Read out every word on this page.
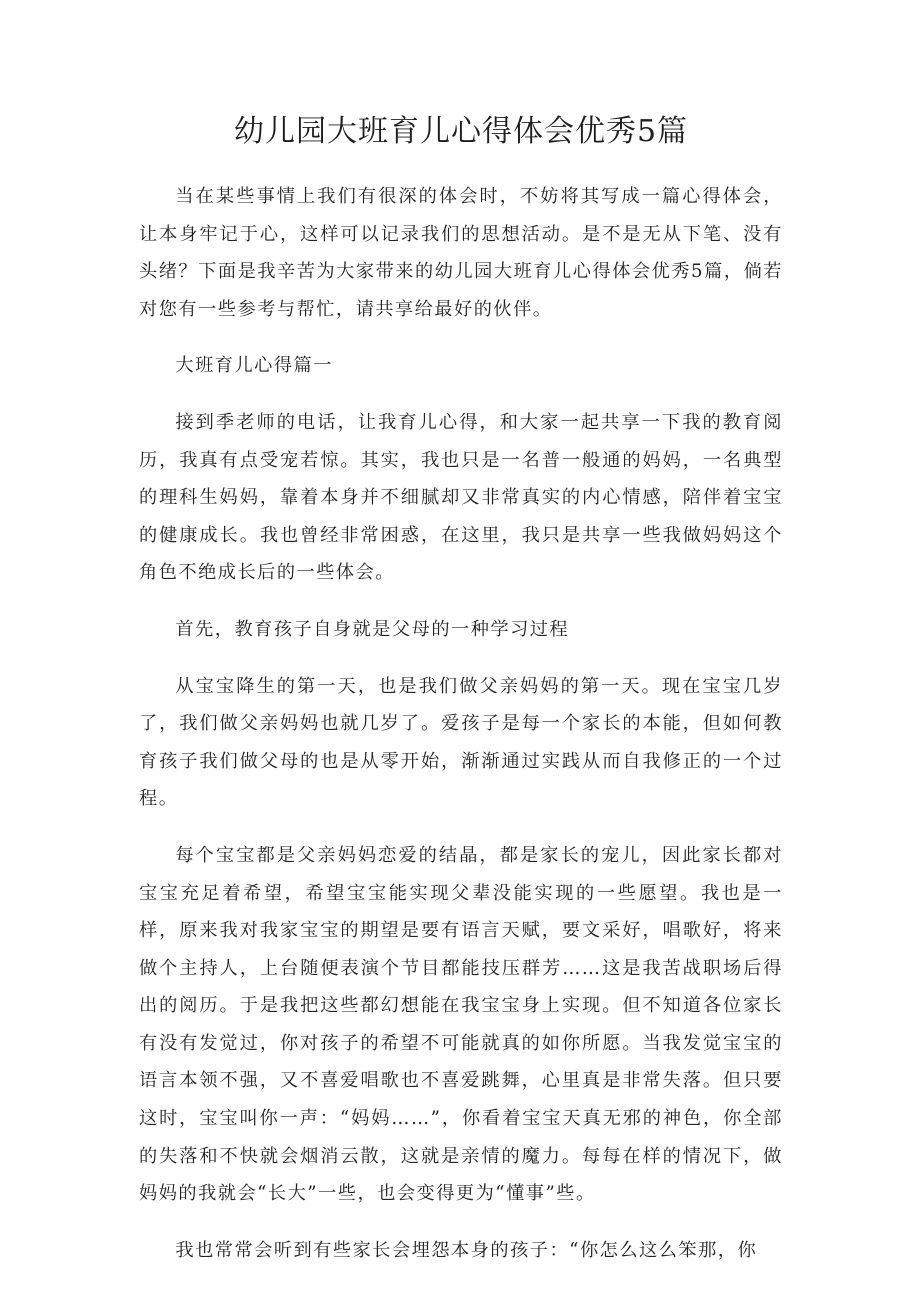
幼儿园大班育儿心得体会优秀5篇

当在某些事情上我们有很深的体会时，不妨将其写成一篇心得体会，让本身牢记于心，这样可以记录我们的思想活动。是不是无从下笔、没有头绪？下面是我辛苦为大家带来的幼儿园大班育儿心得体会优秀5篇，倘若对您有一些参考与帮忙，请共享给最好的伙伴。

大班育儿心得篇一

接到季老师的电话，让我育儿心得，和大家一起共享一下我的教育阅历，我真有点受宠若惊。其实，我也只是一名普一般通的妈妈，一名典型的理科生妈妈，靠着本身并不细腻却又非常真实的内心情感，陪伴着宝宝的健康成长。我也曾经非常困惑，在这里，我只是共享一些我做妈妈这个角色不绝成长后的一些体会。

首先，教育孩子自身就是父母的一种学习过程

从宝宝降生的第一天，也是我们做父亲妈妈的第一天。现在宝宝几岁了，我们做父亲妈妈也就几岁了。爱孩子是每一个家长的本能，但如何教育孩子我们做父母的也是从零开始，渐渐通过实践从而自我修正的一个过程。

每个宝宝都是父亲妈妈恋爱的结晶，都是家长的宠儿，因此家长都对宝宝充足着希望，希望宝宝能实现父辈没能实现的一些愿望。我也是一样，原来我对我家宝宝的期望是要有语言天赋，要文采好，唱歌好，将来做个主持人，上台随便表演个节目都能技压群芳……这是我苦战职场后得出的阅历。于是我把这些都幻想能在我宝宝身上实现。但不知道各位家长有没有发觉过，你对孩子的希望不可能就真的如你所愿。当我发觉宝宝的语言本领不强，又不喜爱唱歌也不喜爱跳舞，心里真是非常失落。但只要这时，宝宝叫你一声：“妈妈……”，你看着宝宝天真无邪的神色，你全部的失落和不快就会烟消云散，这就是亲情的魔力。每每在样的情况下，做妈妈的我就会“长大”一些，也会变得更为“懂事”些。

我也常常会听到有些家长会埋怨本身的孩子：“你怎么这么笨那，你
